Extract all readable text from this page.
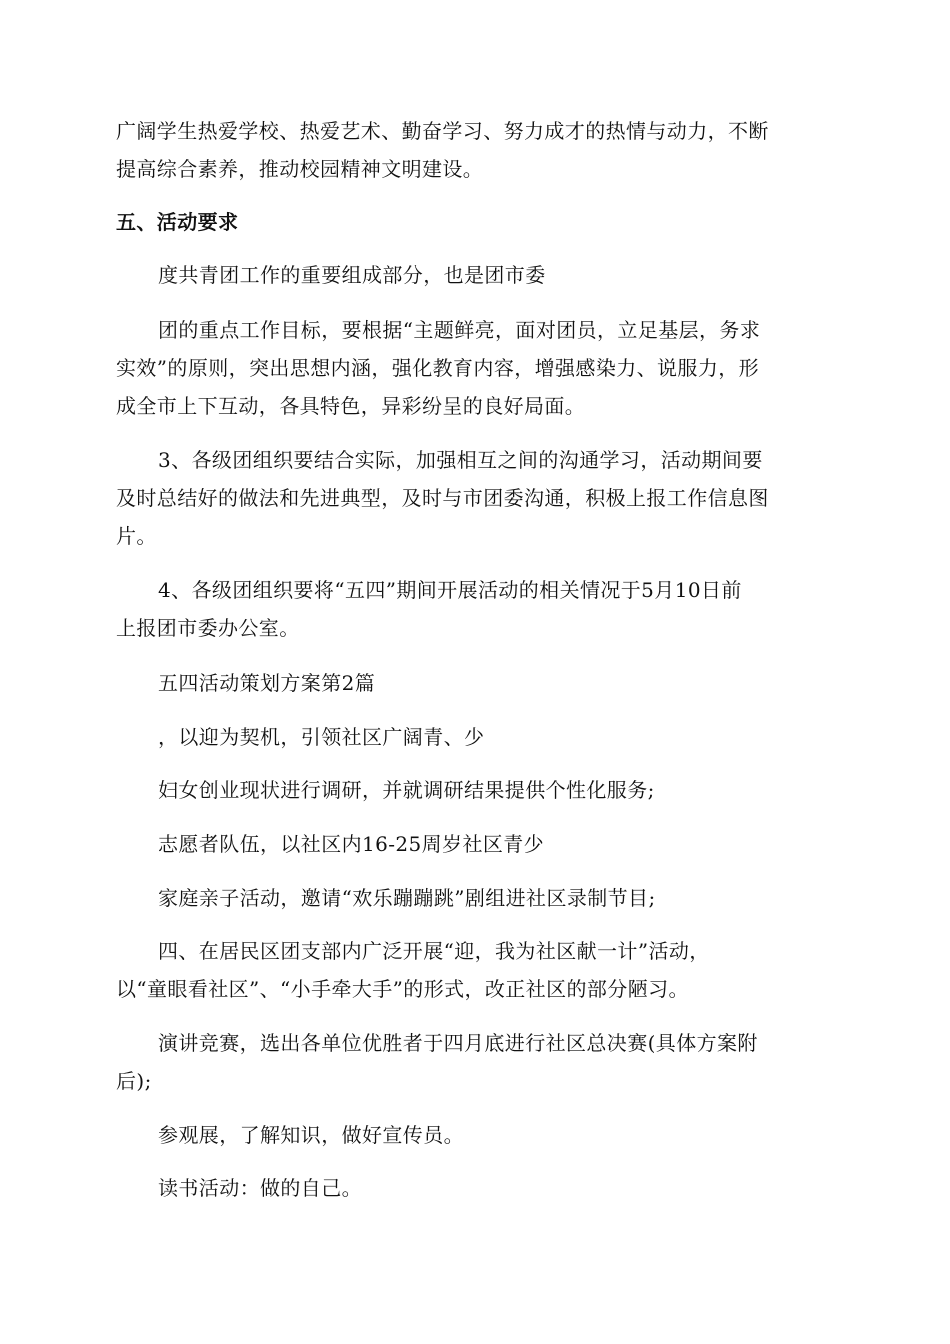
广阔学生热爱学校、热爱艺术、勤奋学习、努力成才的热情与动力，不断
提高综合素养，推动校园精神文明建设。
五、活动要求
度共青团工作的重要组成部分，也是团市委
团的重点工作目标，要根据“主题鲜亮，面对团员，立足基层，务求
实效”的原则，突出思想内涵，强化教育内容，增强感染力、说服力，形
成全市上下互动，各具特色，异彩纷呈的良好局面。
3、各级团组织要结合实际，加强相互之间的沟通学习，活动期间要
及时总结好的做法和先进典型，及时与市团委沟通，积极上报工作信息图
片。
4、各级团组织要将“五四”期间开展活动的相关情况于5月10日前
上报团市委办公室。
五四活动策划方案第2篇
，以迎为契机，引领社区广阔青、少
妇女创业现状进行调研，并就调研结果提供个性化服务;
志愿者队伍，以社区内16-25周岁社区青少
家庭亲子活动，邀请“欢乐蹦蹦跳”剧组进社区录制节目;
四、在居民区团支部内广泛开展“迎，我为社区献一计”活动，
以“童眼看社区”、“小手牵大手”的形式，改正社区的部分陋习。
演讲竞赛，选出各单位优胜者于四月底进行社区总决赛(具体方案附
后);
参观展，了解知识，做好宣传员。
读书活动：做的自己。
